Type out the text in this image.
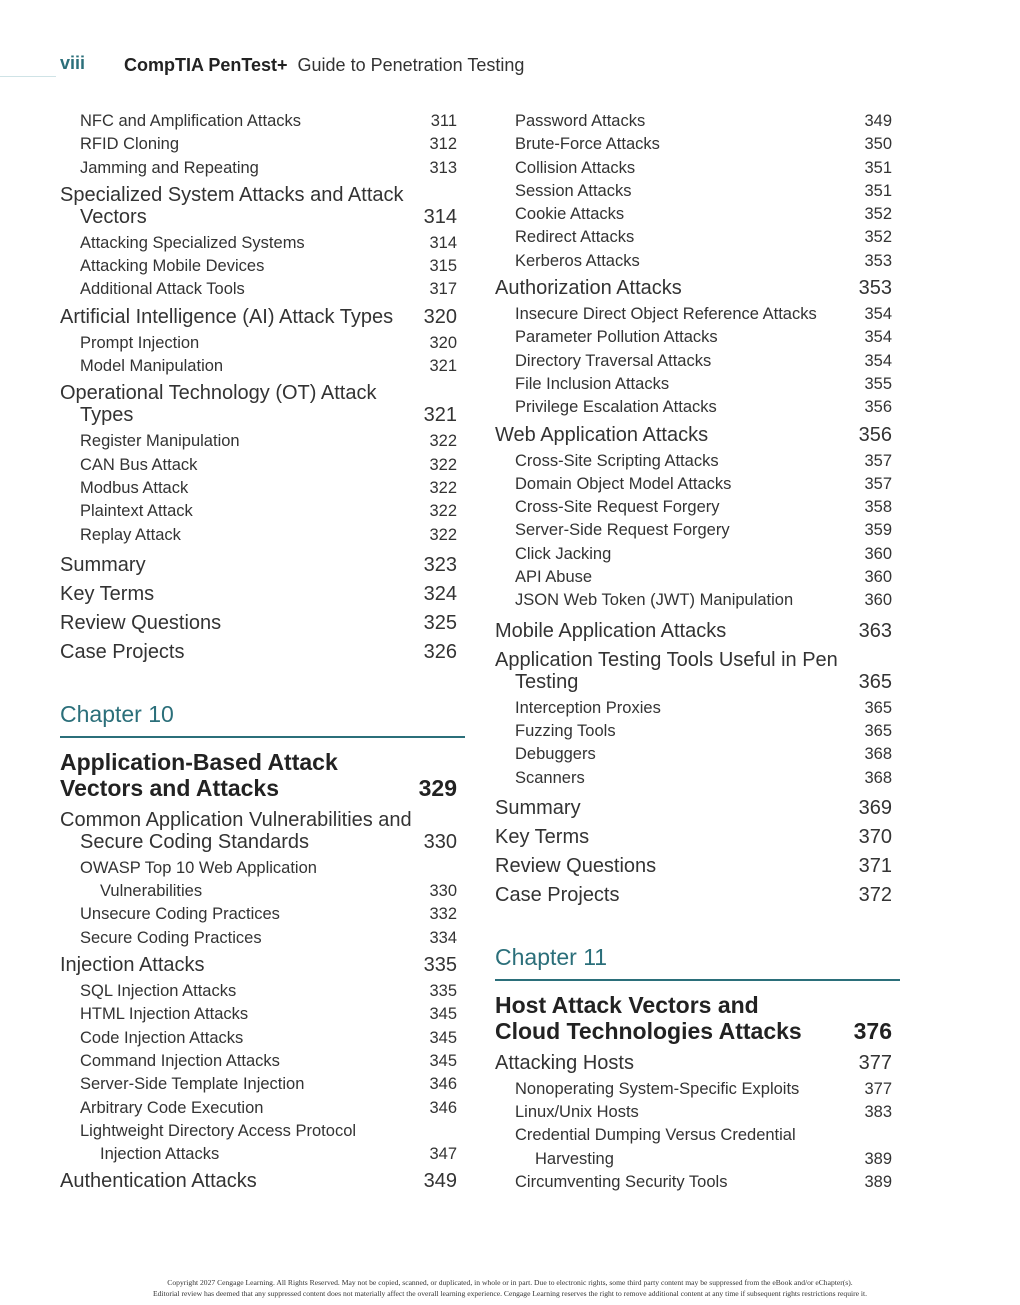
viii CompTIA PenTest+ Guide to Penetration Testing
NFC and Amplification Attacks	311
RFID Cloning	312
Jamming and Repeating	313
Specialized System Attacks and Attack Vectors	314
Attacking Specialized Systems	314
Attacking Mobile Devices	315
Additional Attack Tools	317
Artificial Intelligence (AI) Attack Types	320
Prompt Injection	320
Model Manipulation	321
Operational Technology (OT) Attack Types	321
Register Manipulation	322
CAN Bus Attack	322
Modbus Attack	322
Plaintext Attack	322
Replay Attack	322
Summary	323
Key Terms	324
Review Questions	325
Case Projects	326
Chapter 10
Application-Based Attack Vectors and Attacks	329
Common Application Vulnerabilities and Secure Coding Standards	330
OWASP Top 10 Web Application Vulnerabilities	330
Unsecure Coding Practices	332
Secure Coding Practices	334
Injection Attacks	335
SQL Injection Attacks	335
HTML Injection Attacks	345
Code Injection Attacks	345
Command Injection Attacks	345
Server-Side Template Injection	346
Arbitrary Code Execution	346
Lightweight Directory Access Protocol Injection Attacks	347
Authentication Attacks	349
Password Attacks	349
Brute-Force Attacks	350
Collision Attacks	351
Session Attacks	351
Cookie Attacks	352
Redirect Attacks	352
Kerberos Attacks	353
Authorization Attacks	353
Insecure Direct Object Reference Attacks	354
Parameter Pollution Attacks	354
Directory Traversal Attacks	354
File Inclusion Attacks	355
Privilege Escalation Attacks	356
Web Application Attacks	356
Cross-Site Scripting Attacks	357
Domain Object Model Attacks	357
Cross-Site Request Forgery	358
Server-Side Request Forgery	359
Click Jacking	360
API Abuse	360
JSON Web Token (JWT) Manipulation	360
Mobile Application Attacks	363
Application Testing Tools Useful in Pen Testing	365
Interception Proxies	365
Fuzzing Tools	365
Debuggers	368
Scanners	368
Summary	369
Key Terms	370
Review Questions	371
Case Projects	372
Chapter 11
Host Attack Vectors and Cloud Technologies Attacks	376
Attacking Hosts	377
Nonoperating System-Specific Exploits	377
Linux/Unix Hosts	383
Credential Dumping Versus Credential Harvesting	389
Circumventing Security Tools	389
Copyright 2027 Cengage Learning. All Rights Reserved. May not be copied, scanned, or duplicated, in whole or in part. Due to electronic rights, some third party content may be suppressed from the eBook and/or eChapter(s).
Editorial review has deemed that any suppressed content does not materially affect the overall learning experience. Cengage Learning reserves the right to remove additional content at any time if subsequent rights restrictions require it.
